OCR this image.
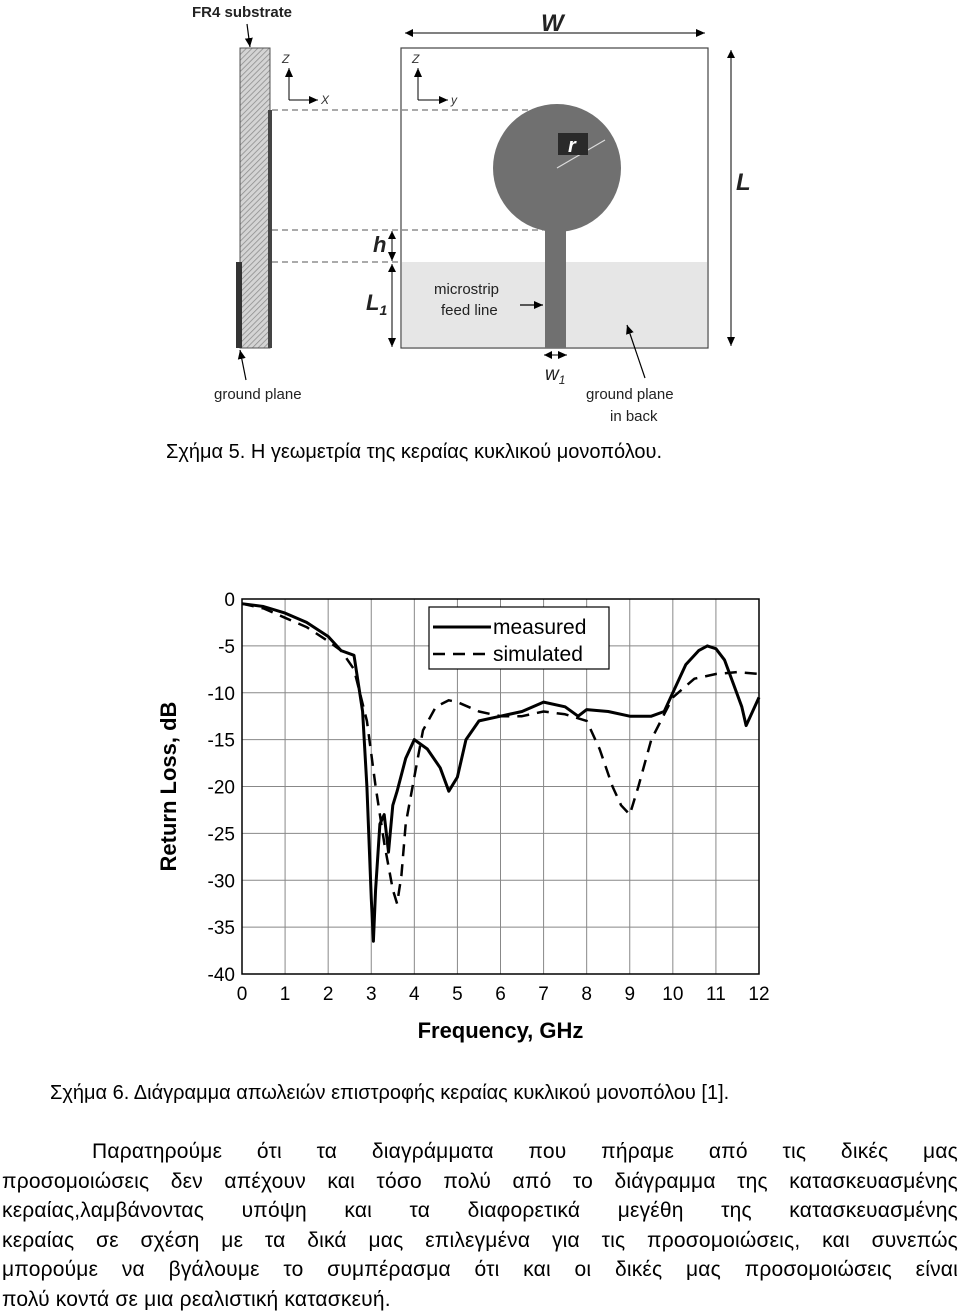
FR4 substrate
Z
X
W
Z
y
r
h
$L_1$
L
microstrip
feed line
$w_1$
ground plane	ground plane
in back
Σχήμα 5. Η γεωμετρία της κεραίας κυκλικού μονοπόλου.
0 1 2 3 4 5 6 7 8 9 10 11 12
0
-5
-10
-15
-20
-25
-30
-35
-40
measured
simulated
Frequency, GHz
Return Loss, dB
Σχήμα 6. Διάγραμμα απωλειών επιστροφής κεραίας κυκλικού μονοπόλου [1].
Παρατηρούμε ότι τα διαγράμματα που πήραμε από τις δικές μας
προσομοιώσεις δεν απέχουν και τόσο πολύ από το διάγραμμα της κατασκευασμένης
κεραίας,λαμβάνοντας υπόψη και τα διαφορετικά μεγέθη της κατασκευασμένης
κεραίας σε σχέση με τα δικά μας επιλεγμένα για τις προσομοιώσεις, και συνεπώς
μπορούμε να βγάλουμε το συμπέρασμα ότι και οι δικές μας προσομοιώσεις είναι
πολύ κοντά σε μια ρεαλιστική κατασκευή.
